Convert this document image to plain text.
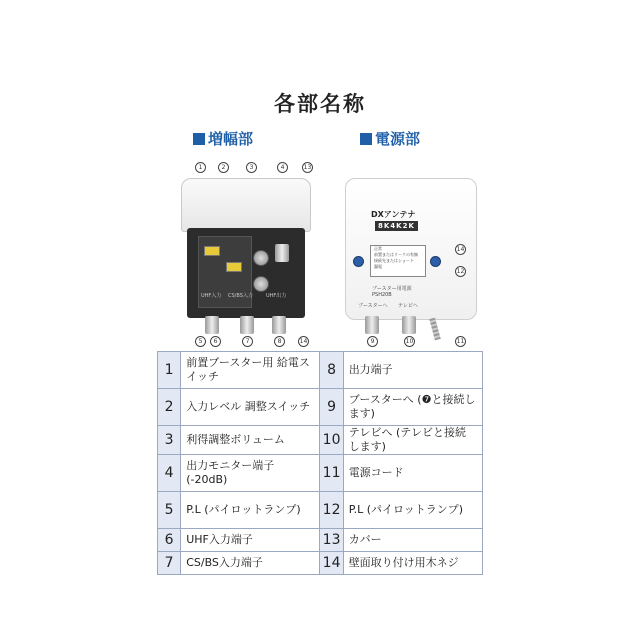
各部名称
増幅部	電源部
UHF入力 CS/BS入力	UHF出力
1	2	3	4	13
5	6	7	8	14
DXアンテナ
8K4K2K
正常
前置またはリークの有無
接続先またはショート
漏電
ブースター用電源
PSH20B
ブースターへ テレビへ
14
12
9	10	11
1	前置ブースター用 給電スイッチ	8	出力端子
2	入力レベル 調整スイッチ	9	ブースターへ (❼と接続します)
3	利得調整ボリューム	10	テレビへ (テレビと接続します)
4	出力モニター端子 (-20dB)	11	電源コード
5	P.L (パイロットランプ)	12	P.L (パイロットランプ)
6	UHF入力端子	13	カバー
7	CS/BS入力端子	14	壁面取り付け用木ネジ
